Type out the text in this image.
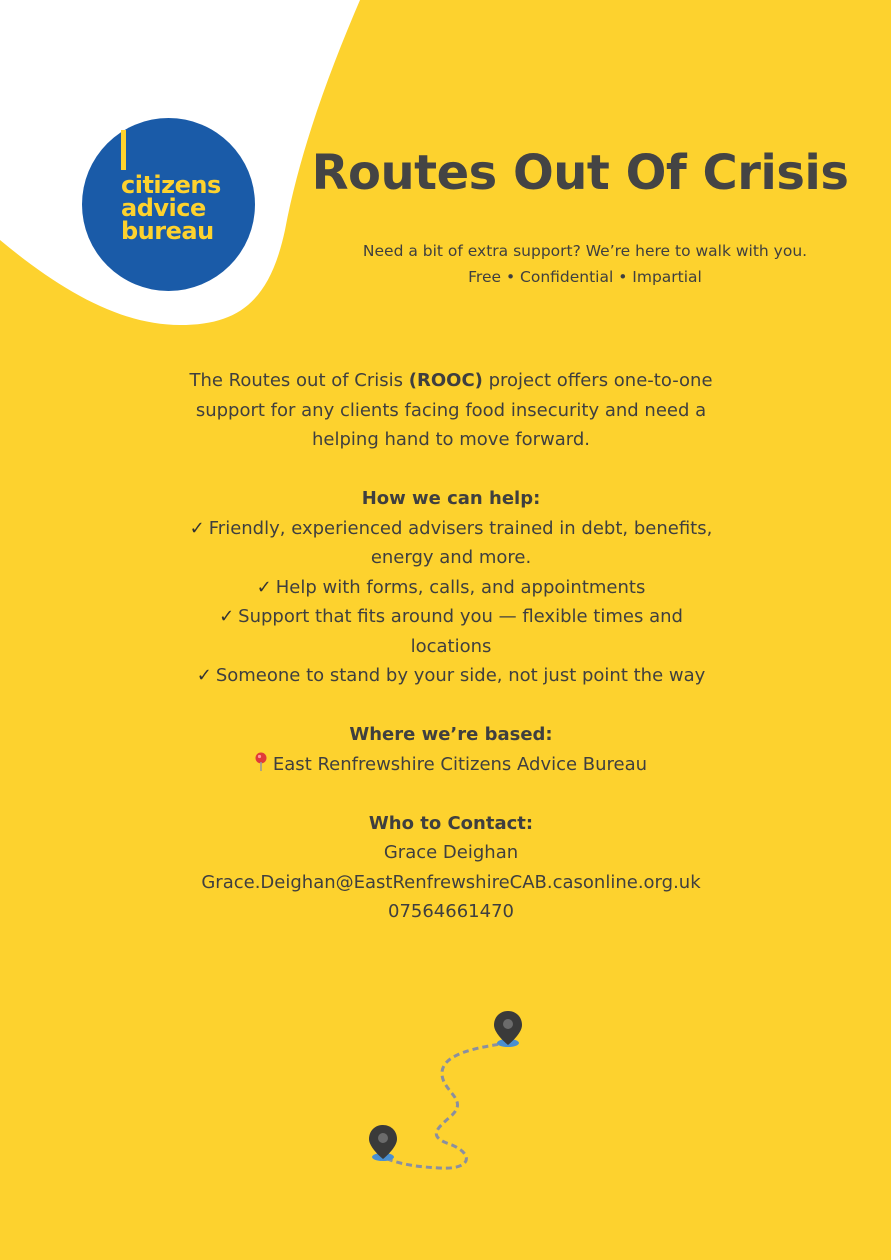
citizens
advice
bureau
Routes Out Of Crisis
Need a bit of extra support? We’re here to walk with you.
Free • Confidential • Impartial

The Routes out of Crisis (ROOC) project offers one-to-one support for any clients facing food insecurity and need a helping hand to move forward.

How we can help:
✓ Friendly, experienced advisers trained in debt, benefits, energy and more.
✓ Help with forms, calls, and appointments
✓ Support that fits around you — flexible times and locations
✓ Someone to stand by your side, not just point the way
Where we’re based:
East Renfrewshire Citizens Advice Bureau
Who to Contact:
Grace Deighan
Grace.Deighan@EastRenfrewshireCAB.casonline.org.uk
07564661470
